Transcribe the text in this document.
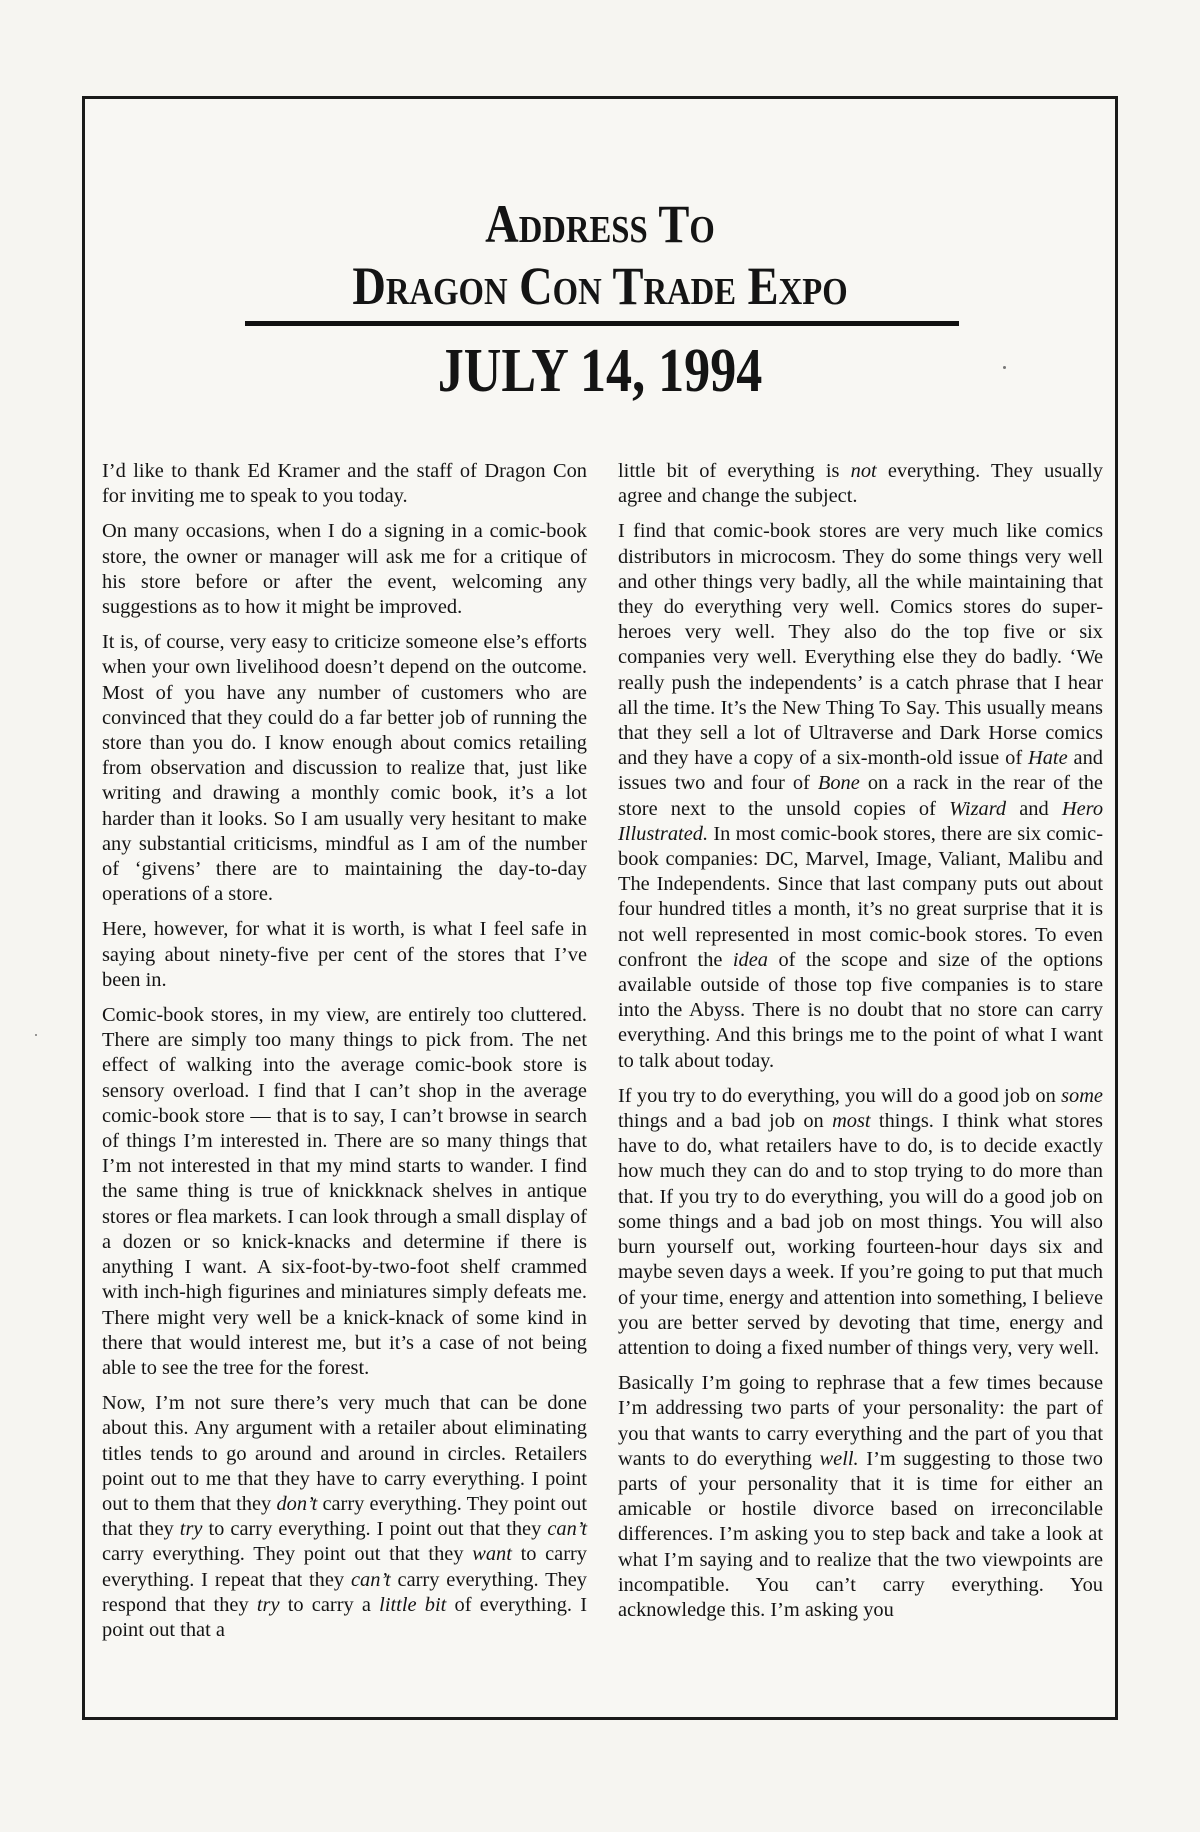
Address To
Dragon Con Trade Expo
JULY 14, 1994

I’d like to thank Ed Kramer and the staff of Dragon Con for inviting me to speak to you today.

On many occasions, when I do a signing in a comic-book store, the owner or manager will ask me for a critique of his store before or after the event, welcoming any suggestions as to how it might be improved.

It is, of course, very easy to criticize someone else’s efforts when your own livelihood doesn’t depend on the outcome. Most of you have any number of customers who are convinced that they could do a far better job of running the store than you do. I know enough about comics retailing from observation and discussion to realize that, just like writing and drawing a monthly comic book, it’s a lot harder than it looks. So I am usually very hesitant to make any substantial criticisms, mindful as I am of the number of ‘givens’ there are to maintaining the day-to-day operations of a store.

Here, however, for what it is worth, is what I feel safe in saying about ninety-five per cent of the stores that I’ve been in.

Comic-book stores, in my view, are entirely too cluttered. There are simply too many things to pick from. The net effect of walking into the average comic-book store is sensory overload. I find that I can’t shop in the average comic-book store — that is to say, I can’t browse in search of things I’m interested in. There are so many things that I’m not interested in that my mind starts to wander. I find the same thing is true of knickknack shelves in antique stores or flea markets. I can look through a small display of a dozen or so knick-knacks and determine if there is anything I want. A six-foot-by-two-foot shelf crammed with inch-high figurines and miniatures simply defeats me. There might very well be a knick-knack of some kind in there that would interest me, but it’s a case of not being able to see the tree for the forest.

Now, I’m not sure there’s very much that can be done about this. Any argument with a retailer about eliminating titles tends to go around and around in circles. Retailers point out to me that they have to carry everything. I point out to them that they don’t carry everything. They point out that they try to carry everything. I point out that they can’t carry everything. They point out that they want to carry everything. I repeat that they can’t carry everything. They respond that they try to carry a little bit of everything. I point out that a

little bit of everything is not everything. They usually agree and change the subject.

I find that comic-book stores are very much like comics distributors in microcosm. They do some things very well and other things very badly, all the while maintaining that they do everything very well. Comics stores do super-heroes very well. They also do the top five or six companies very well. Everything else they do badly. ‘We really push the independents’ is a catch phrase that I hear all the time. It’s the New Thing To Say. This usually means that they sell a lot of Ultraverse and Dark Horse comics and they have a copy of a six-month-old issue of Hate and issues two and four of Bone on a rack in the rear of the store next to the unsold copies of Wizard and Hero Illustrated. In most comic-book stores, there are six comic-book companies: DC, Marvel, Image, Valiant, Malibu and The Independents. Since that last company puts out about four hundred titles a month, it’s no great surprise that it is not well represented in most comic-book stores. To even confront the idea of the scope and size of the options available outside of those top five companies is to stare into the Abyss. There is no doubt that no store can carry everything. And this brings me to the point of what I want to talk about today.

If you try to do everything, you will do a good job on some things and a bad job on most things. I think what stores have to do, what retailers have to do, is to decide exactly how much they can do and to stop trying to do more than that. If you try to do everything, you will do a good job on some things and a bad job on most things. You will also burn yourself out, working fourteen-hour days six and maybe seven days a week. If you’re going to put that much of your time, energy and attention into something, I believe you are better served by devoting that time, energy and attention to doing a fixed number of things very, very well.

Basically I’m going to rephrase that a few times because I’m addressing two parts of your personality: the part of you that wants to carry everything and the part of you that wants to do everything well. I’m suggesting to those two parts of your personality that it is time for either an amicable or hostile divorce based on irreconcilable differences. I’m asking you to step back and take a look at what I’m saying and to realize that the two viewpoints are incompatible. You can’t carry everything. You acknowledge this. I’m asking you
